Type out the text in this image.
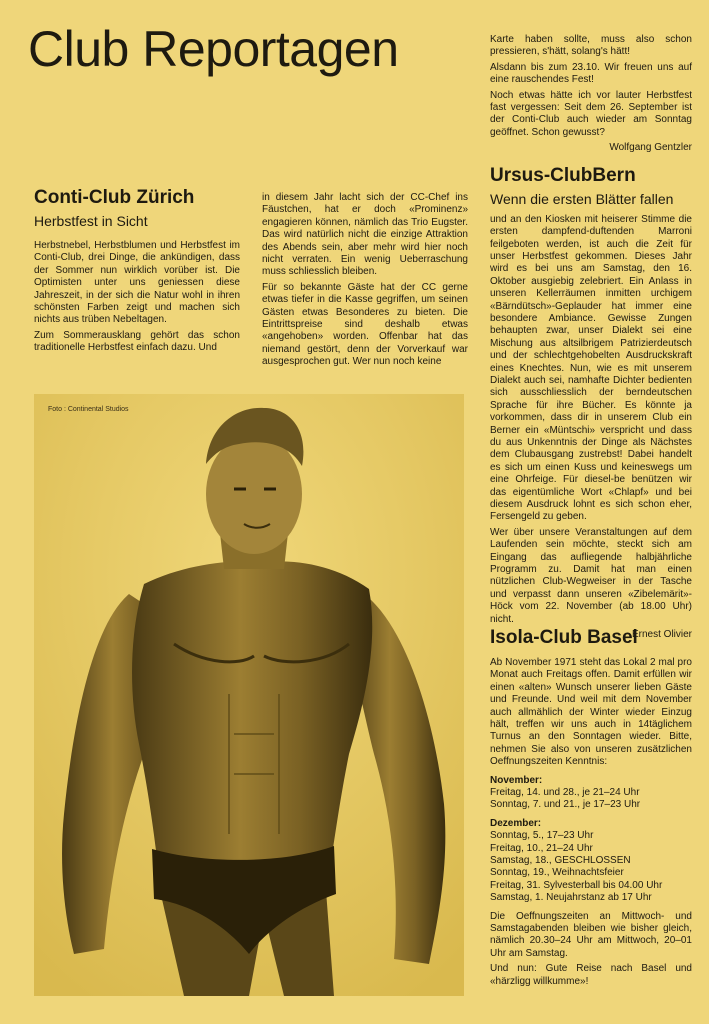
Club Reportagen	Karte haben sollte, muss also schon pressieren, s'hätt, solang's hätt!

Alsdann bis zum 23.10. Wir freuen uns auf eine rauschendes Fest!

Noch etwas hätte ich vor lauter Herbstfest fast vergessen: Seit dem 26. September ist der Conti-Club auch wieder am Sonntag geöffnet. Schon gewusst?

Wolfgang Gentzler

Conti-Club Zürich
Herbstfest in Sicht

Herbstnebel, Herbstblumen und Herbstfest im Conti-Club, drei Dinge, die ankündigen, dass der Sommer nun wirklich vorüber ist. Die Optimisten unter uns geniessen diese Jahreszeit, in der sich die Natur wohl in ihren schönsten Farben zeigt und machen sich nichts aus trüben Nebeltagen.

Zum Sommerausklang gehört das schon traditionelle Herbstfest einfach dazu. Und

in diesem Jahr lacht sich der CC-Chef ins Fäustchen, hat er doch «Prominenz» engagieren können, nämlich das Trio Eugster. Das wird natürlich nicht die einzige Attraktion des Abends sein, aber mehr wird hier noch nicht verraten. Ein wenig Ueberraschung muss schliesslich bleiben.

Für so bekannte Gäste hat der CC gerne etwas tiefer in die Kasse gegriffen, um seinen Gästen etwas Besonderes zu bieten. Die Eintrittspreise sind deshalb etwas «angehoben» worden. Offenbar hat das niemand gestört, denn der Vorverkauf war ausgesprochen gut. Wer nun noch keine

Foto : Continental Studios
Ursus-ClubBern
Wenn die ersten Blätter fallen

und an den Kiosken mit heiserer Stimme die ersten dampfend-duftenden Marroni feilgeboten werden, ist auch die Zeit für unser Herbstfest gekommen. Dieses Jahr wird es bei uns am Samstag, den 16. Oktober ausgiebig zelebriert. Ein Anlass in unseren Kellerräumen inmitten urchigem «Bärndütsch»-Geplauder hat immer eine besondere Ambiance. Gewisse Zungen behaupten zwar, unser Dialekt sei eine Mischung aus altsilbrigem Patrizierdeutsch und der schlechtgehobelten Ausdruckskraft eines Knechtes. Nun, wie es mit unserem Dialekt auch sei, namhafte Dichter bedienten sich ausschliesslich der berndeutschen Sprache für ihre Bücher. Es könnte ja vorkommen, dass dir in unserem Club ein Berner ein «Müntschi» verspricht und dass du aus Unkenntnis der Dinge als Nächstes dem Clubausgang zustrebst! Dabei handelt es sich um einen Kuss und keineswegs um eine Ohrfeige. Für diesel-be benützen wir das eigentümliche Wort «Chlapf» und bei diesem Ausdruck lohnt es sich schon eher, Fersengeld zu geben.

Wer über unsere Veranstaltungen auf dem Laufenden sein möchte, steckt sich am Eingang das aufliegende halbjährliche Programm zu. Damit hat man einen nützlichen Club-Wegweiser in der Tasche und verpasst dann unseren «Zibelemärit»-Höck vom 22. November (ab 18.00 Uhr) nicht.

Ernest Olivier

Isola-Club Basel

Ab November 1971 steht das Lokal 2 mal pro Monat auch Freitags offen. Damit erfüllen wir einen «alten» Wunsch unserer lieben Gäste und Freunde. Und weil mit dem November auch allmählich der Winter wieder Einzug hält, treffen wir uns auch in 14täglichem Turnus an den Sonntagen wieder. Bitte, nehmen Sie also von unseren zusätzlichen Oeffnungszeiten Kenntnis:

November:
Freitag, 14. und 28., je 21–24 Uhr
Sonntag, 7. und 21., je 17–23 Uhr
Dezember:
Sonntag, 5., 17–23 Uhr
Freitag, 10., 21–24 Uhr
Samstag, 18., GESCHLOSSEN
Sonntag, 19., Weihnachtsfeier
Freitag, 31. Sylvesterball bis 04.00 Uhr
Samstag, 1. Neujahrstanz ab 17 Uhr

Die Oeffnungszeiten an Mittwoch- und Samstagabenden bleiben wie bisher gleich, nämlich 20.30–24 Uhr am Mittwoch, 20–01 Uhr am Samstag.

Und nun: Gute Reise nach Basel und «härzligg willkumme»!
